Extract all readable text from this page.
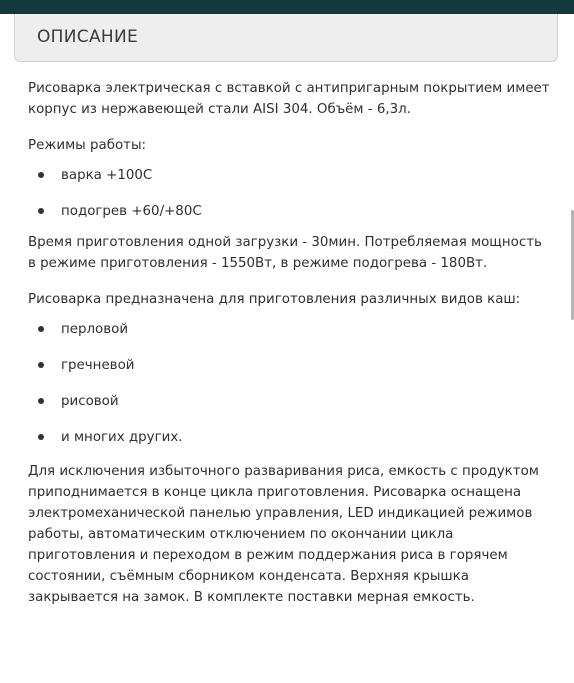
ОПИСАНИЕ

Рисоварка электрическая с вставкой с антипригарным покрытием имеет корпус из нержавеющей стали AISI 304. Объём - 6,3л.

Режимы работы:

варка +100С
подогрев +60/+80С

Время приготовления одной загрузки - 30мин. Потребляемая мощность в режиме приготовления - 1550Вт, в режиме подогрева - 180Вт.

Рисоварка предназначена для приготовления различных видов каш:

перловой
гречневой
рисовой
и многих других.

Для исключения избыточного разваривания риса, емкость с продуктом приподнимается в конце цикла приготовления. Рисоварка оснащена электромеханической панелью управления, LED индикацией режимов работы, автоматическим отключением по окончании цикла приготовления и переходом в режим поддержания риса в горячем состоянии, съёмным сборником конденсата. Верхняя крышка закрывается на замок. В комплекте поставки мерная емкость.
